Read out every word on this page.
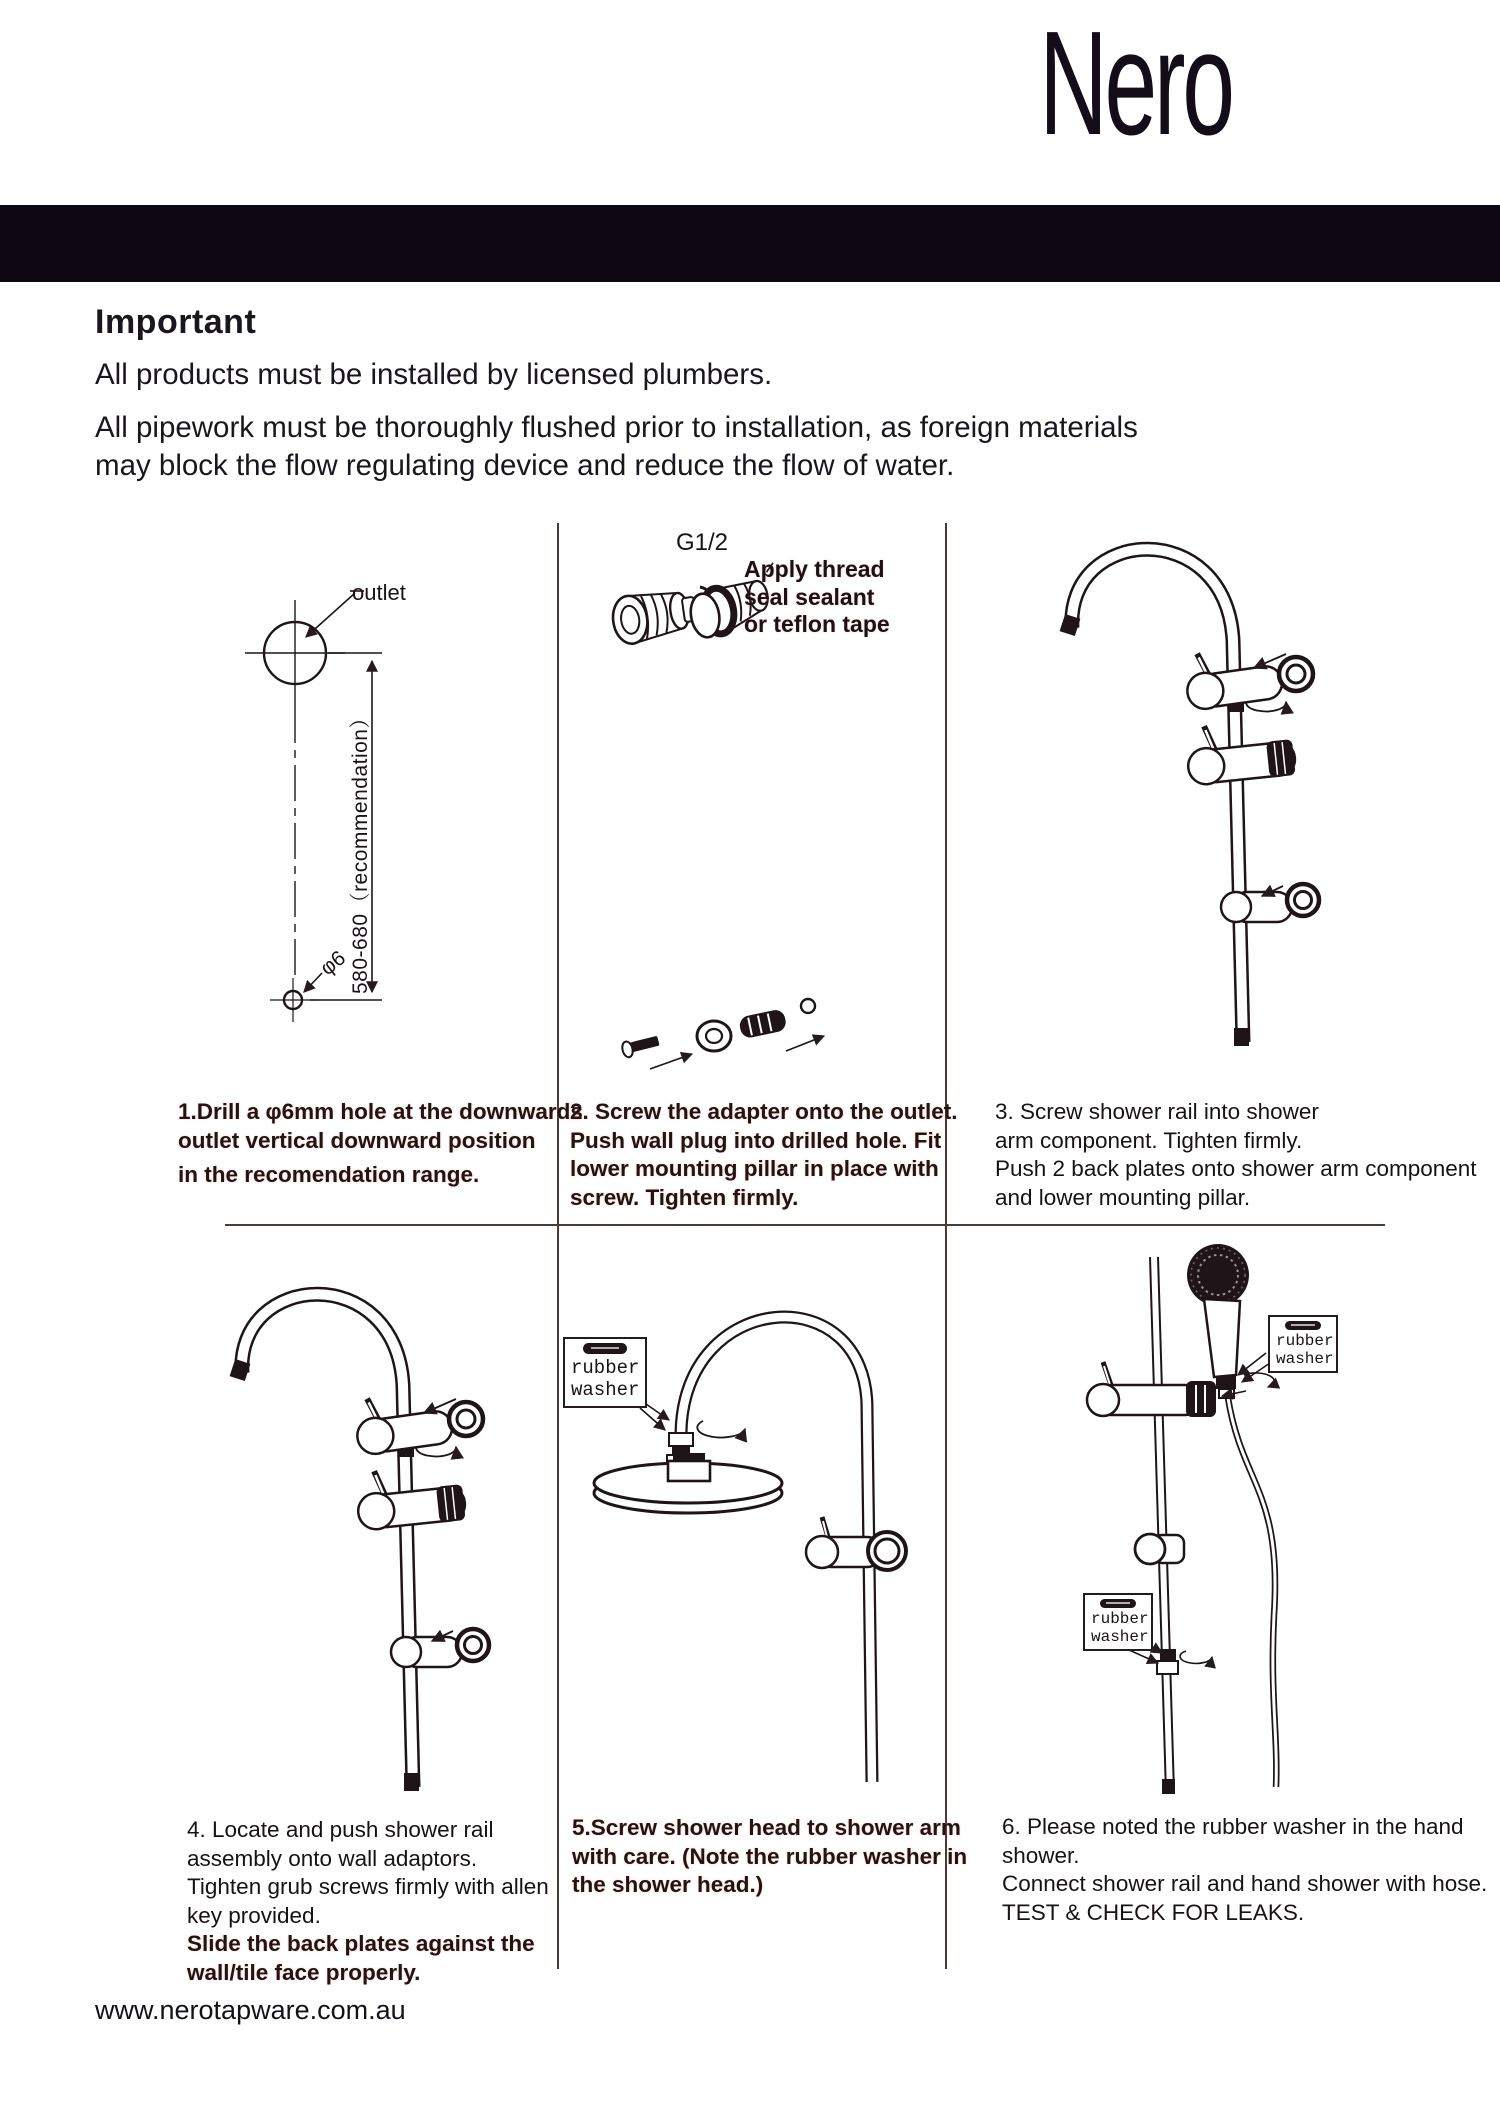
Nero
Important
All products must be installed by licensed plumbers.
All pipework must be thoroughly flushed prior to installation, as foreign materials
may block the flow regulating device and reduce the flow of water.
outlet
580-680（recommendation）
φ6
1.Drill a φ6mm hole at the downwards
outlet vertical downward position
in the recomendation range.
G1/2
Apply thread
seal sealant
or teflon tape
2. Screw the adapter onto the outlet.
Push wall plug into drilled hole. Fit
lower mounting pillar in place with
screw. Tighten firmly.
3. Screw shower rail into shower
arm component. Tighten firmly.
Push 2 back plates onto shower arm component
and lower mounting pillar.
4. Locate and push shower rail
assembly onto wall adaptors.
Tighten grub screws firmly with allen
key provided.
Slide the back plates against the
wall/tile face properly.
rubber
washer
5.Screw shower head to shower arm
with care. (Note the rubber washer in
the shower head.)
rubber
washer
rubber
washer
6. Please noted the rubber washer in the hand
shower.
Connect shower rail and hand shower with hose.
TEST & CHECK FOR LEAKS.
www.nerotapware.com.au
